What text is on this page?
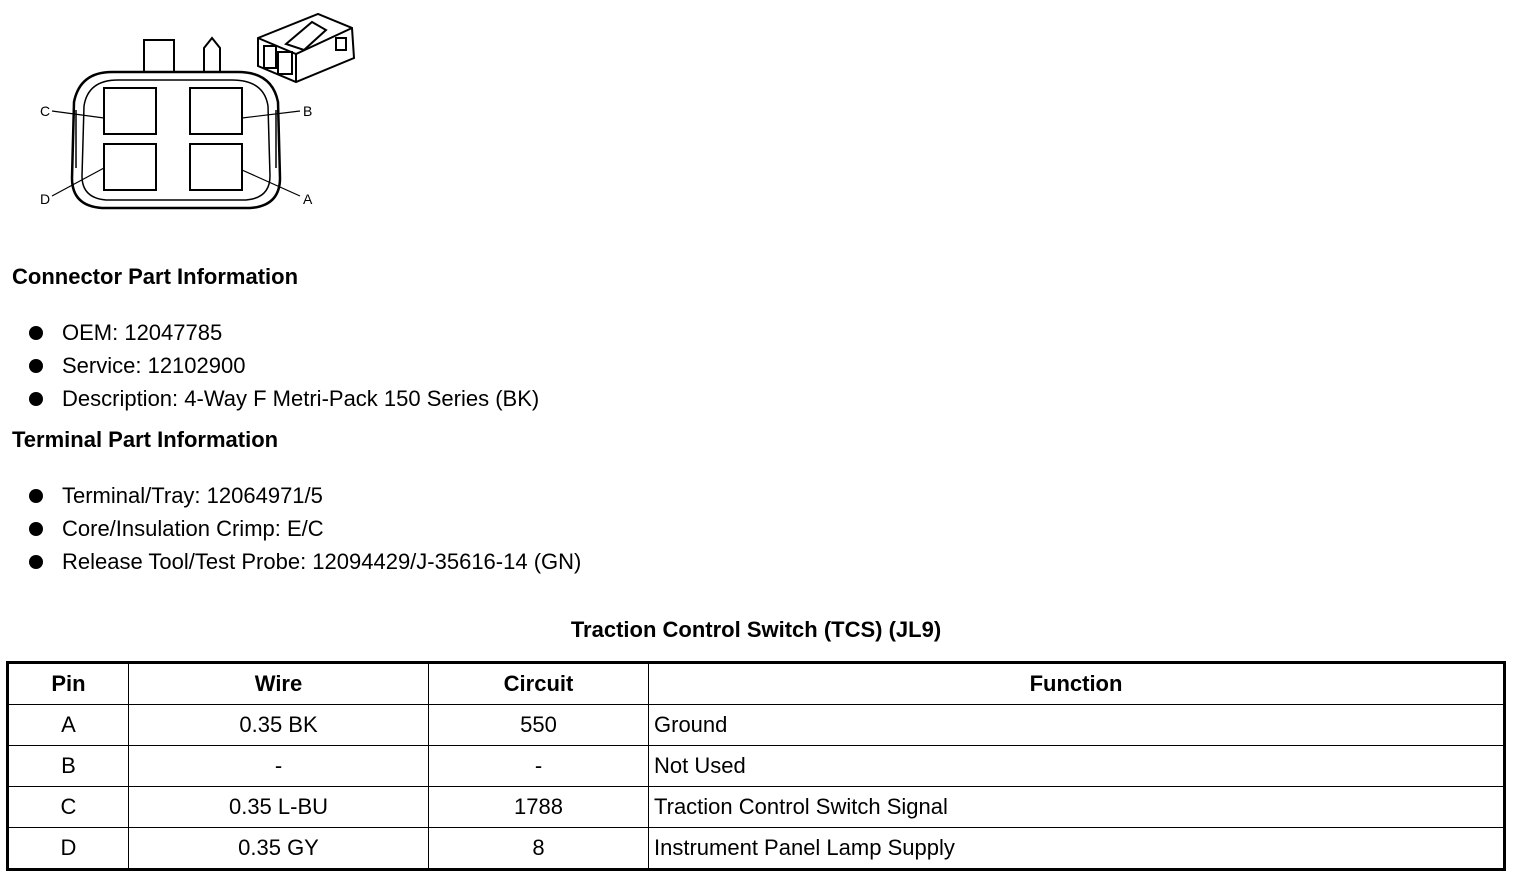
C	B
D	A
Connector Part Information
OEM: 12047785
Service: 12102900
Description: 4-Way F Metri-Pack 150 Series (BK)
Terminal Part Information
Terminal/Tray: 12064971/5
Core/Insulation Crimp: E/C
Release Tool/Test Probe: 12094429/J-35616-14 (GN)
Traction Control Switch (TCS) (JL9)
Pin	Wire	Circuit	Function
A	0.35 BK	550	Ground
B	-	-	Not Used
C	0.35 L-BU	1788	Traction Control Switch Signal
D	0.35 GY	8	Instrument Panel Lamp Supply
